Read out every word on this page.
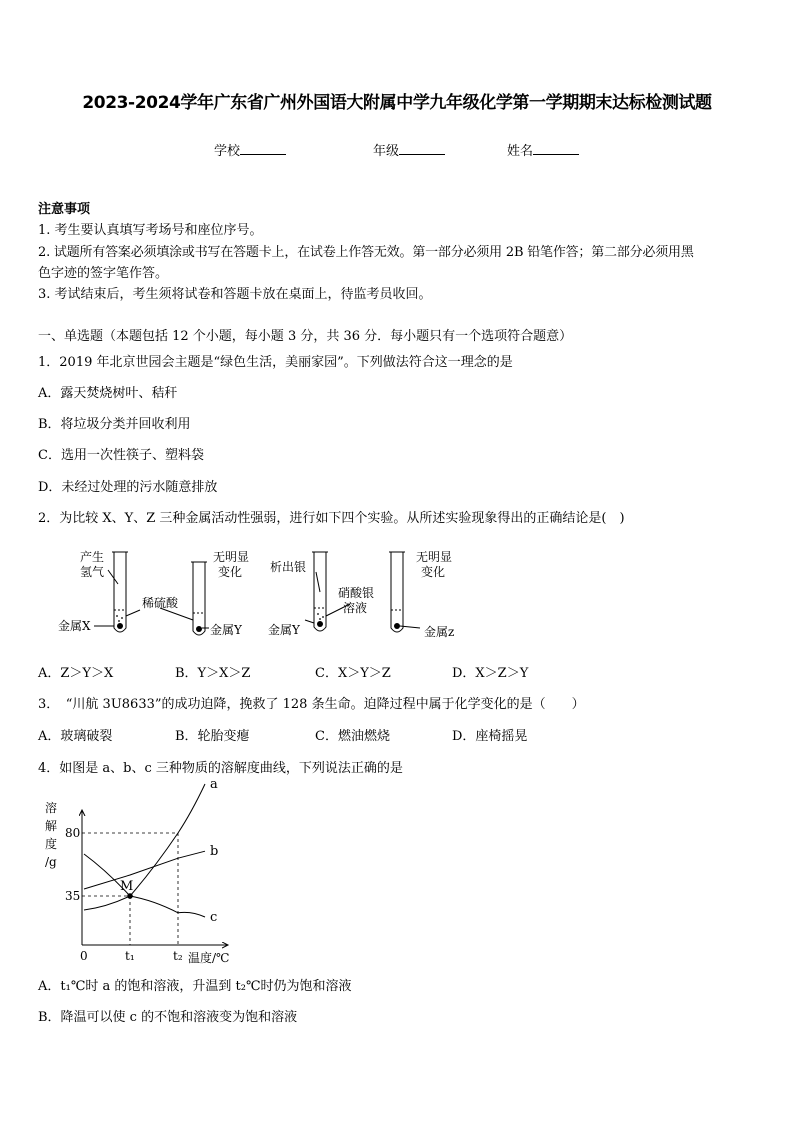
2023-2024学年广东省广州外国语大附属中学九年级化学第一学期期末达标检测试题
学校	年级	姓名
注意事项
1. 考生要认真填写考场号和座位序号。
2. 试题所有答案必须填涂或书写在答题卡上，在试卷上作答无效。第一部分必须用 2B 铅笔作答；第二部分必须用黑
色字迹的签字笔作答。
3. 考试结束后，考生须将试卷和答题卡放在桌面上，待监考员收回。
一、单选题（本题包括 12 个小题，每小题 3 分，共 36 分．每小题只有一个选项符合题意）
1．2019 年北京世园会主题是“绿色生活，美丽家园”。下列做法符合这一理念的是
A．露天焚烧树叶、秸秆
B．将垃圾分类并回收利用
C．选用一次性筷子、塑料袋
D．未经过处理的污水随意排放
2．为比较 X、Y、Z 三种金属活动性强弱，进行如下四个实验。从所述实验现象得出的正确结论是(　)
产生
氢气
稀硫酸
无明显
变化 析出银
硝酸银
溶液
无明显
变化
金属X	金属Y 金属Y	金属z
A．Z＞Y＞X	B．Y＞X＞Z	C．X＞Y＞Z	D．X＞Z＞Y
3．　“川航 3U8633”的成功迫降，挽救了 128 条生命。迫降过程中属于化学变化的是（　　）
A．玻璃破裂	B．轮胎变瘪	C．燃油燃烧	D．座椅摇晃
4．如图是 a、b、c 三种物质的溶解度曲线，下列说法正确的是
溶
解
度
/g
a
b
c
M
35
80
0	t₁	t₂ 温度/℃
A．t₁℃时 a 的饱和溶液，升温到 t₂℃时仍为饱和溶液
B．降温可以使 c 的不饱和溶液变为饱和溶液
